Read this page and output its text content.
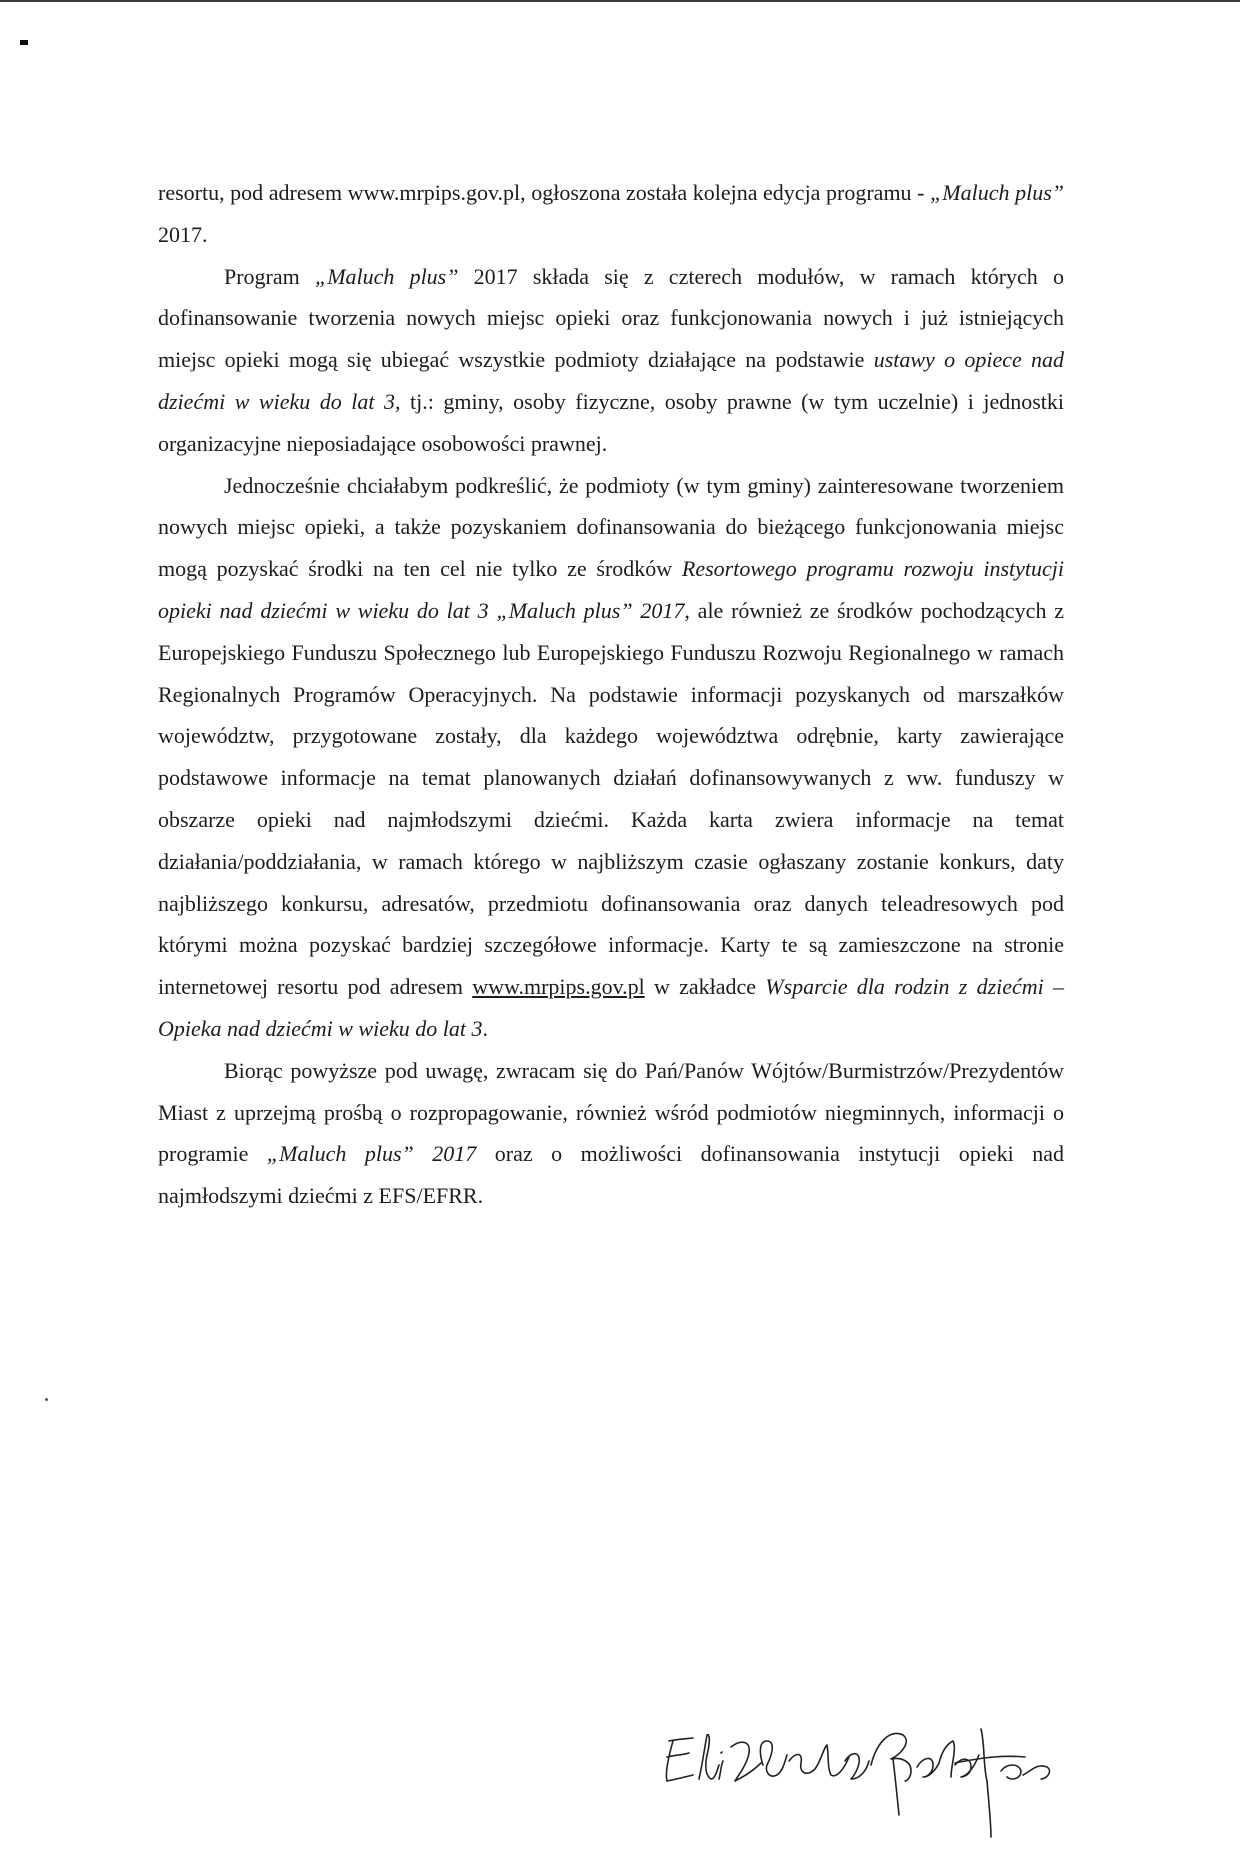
resortu, pod adresem www.mrpips.gov.pl, ogłoszona została kolejna edycja programu - „Maluch plus” 2017.

Program „Maluch plus” 2017 składa się z czterech modułów, w ramach których o dofinansowanie tworzenia nowych miejsc opieki oraz funkcjonowania nowych i już istniejących miejsc opieki mogą się ubiegać wszystkie podmioty działające na podstawie ustawy o opiece nad dziećmi w wieku do lat 3, tj.: gminy, osoby fizyczne, osoby prawne (w tym uczelnie) i jednostki organizacyjne nieposiadające osobowości prawnej.

Jednocześnie chciałabym podkreślić, że podmioty (w tym gminy) zainteresowane tworzeniem nowych miejsc opieki, a także pozyskaniem dofinansowania do bieżącego funkcjonowania miejsc mogą pozyskać środki na ten cel nie tylko ze środków Resortowego programu rozwoju instytucji opieki nad dziećmi w wieku do lat 3 „Maluch plus” 2017, ale również ze środków pochodzących z Europejskiego Funduszu Społecznego lub Europejskiego Funduszu Rozwoju Regionalnego w ramach Regionalnych Programów Operacyjnych. Na podstawie informacji pozyskanych od marszałków województw, przygotowane zostały, dla każdego województwa odrębnie, karty zawierające podstawowe informacje na temat planowanych działań dofinansowywanych z ww. funduszy w obszarze opieki nad najmłodszymi dziećmi. Każda karta zwiera informacje na temat działania/poddziałania, w ramach którego w najbliższym czasie ogłaszany zostanie konkurs, daty najbliższego konkursu, adresatów, przedmiotu dofinansowania oraz danych teleadresowych pod którymi można pozyskać bardziej szczegółowe informacje. Karty te są zamieszczone na stronie internetowej resortu pod adresem www.mrpips.gov.pl w zakładce Wsparcie dla rodzin z dziećmi – Opieka nad dziećmi w wieku do lat 3.

Biorąc powyższe pod uwagę, zwracam się do Pań/Panów Wójtów/Burmistrzów/Prezydentów Miast z uprzejmą prośbą o rozpropagowanie, również wśród podmiotów niegminnych, informacji o programie „Maluch plus” 2017 oraz o możliwości dofinansowania instytucji opieki nad najmłodszymi dziećmi z EFS/EFRR.
